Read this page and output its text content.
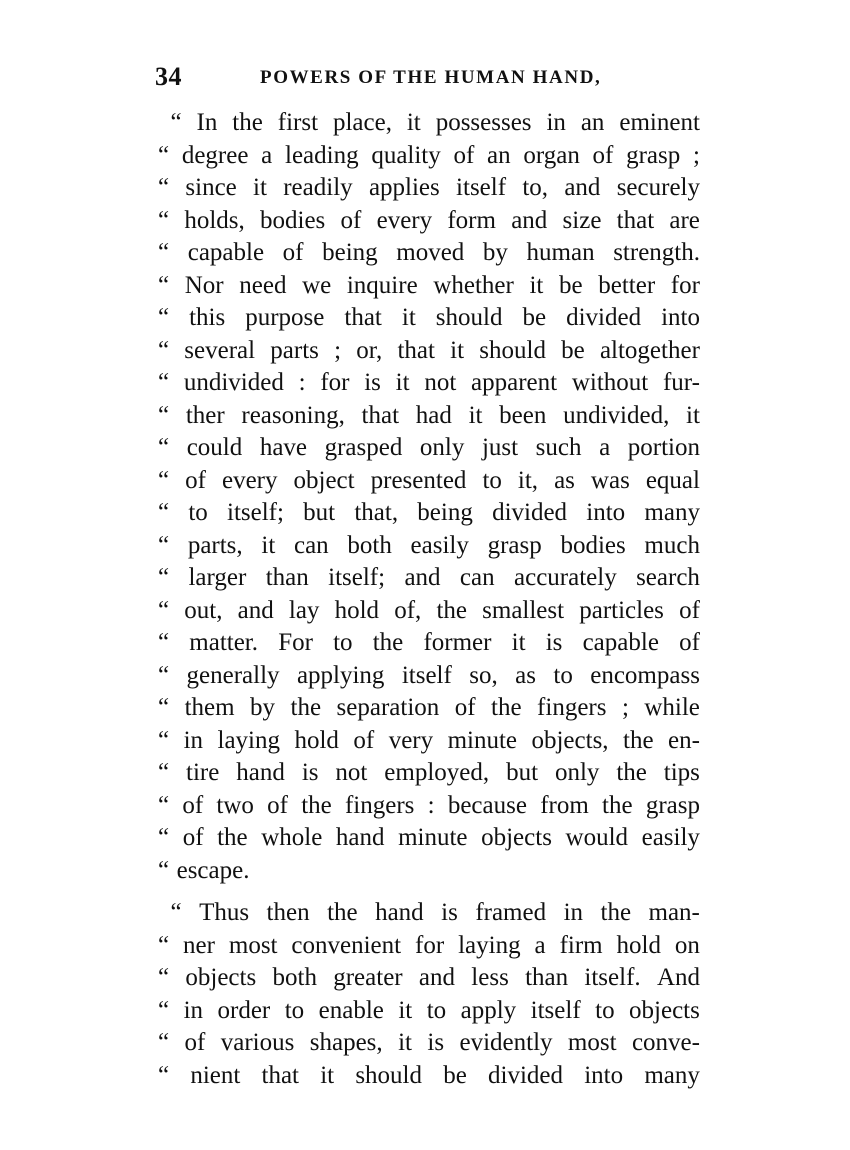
34	POWERS OF THE HUMAN HAND,

“ In the first place, it possesses in an eminent
“ degree a leading quality of an organ of grasp ;
“ since it readily applies itself to, and securely
“ holds, bodies of every form and size that are
“ capable of being moved by human strength.
“ Nor need we inquire whether it be better for
“ this purpose that it should be divided into
“ several parts ; or, that it should be altogether
“ undivided : for is it not apparent without fur-
“ ther reasoning, that had it been undivided, it
“ could have grasped only just such a portion
“ of every object presented to it, as was equal
“ to itself; but that, being divided into many
“ parts, it can both easily grasp bodies much
“ larger than itself; and can accurately search
“ out, and lay hold of, the smallest particles of
“ matter. For to the former it is capable of
“ generally applying itself so, as to encompass
“ them by the separation of the fingers ; while
“ in laying hold of very minute objects, the en-
“ tire hand is not employed, but only the tips
“ of two of the fingers : because from the grasp
“ of the whole hand minute objects would easily
“ escape.

“ Thus then the hand is framed in the man-
“ ner most convenient for laying a firm hold on
“ objects both greater and less than itself. And
“ in order to enable it to apply itself to objects
“ of various shapes, it is evidently most conve-
“ nient that it should be divided into many
